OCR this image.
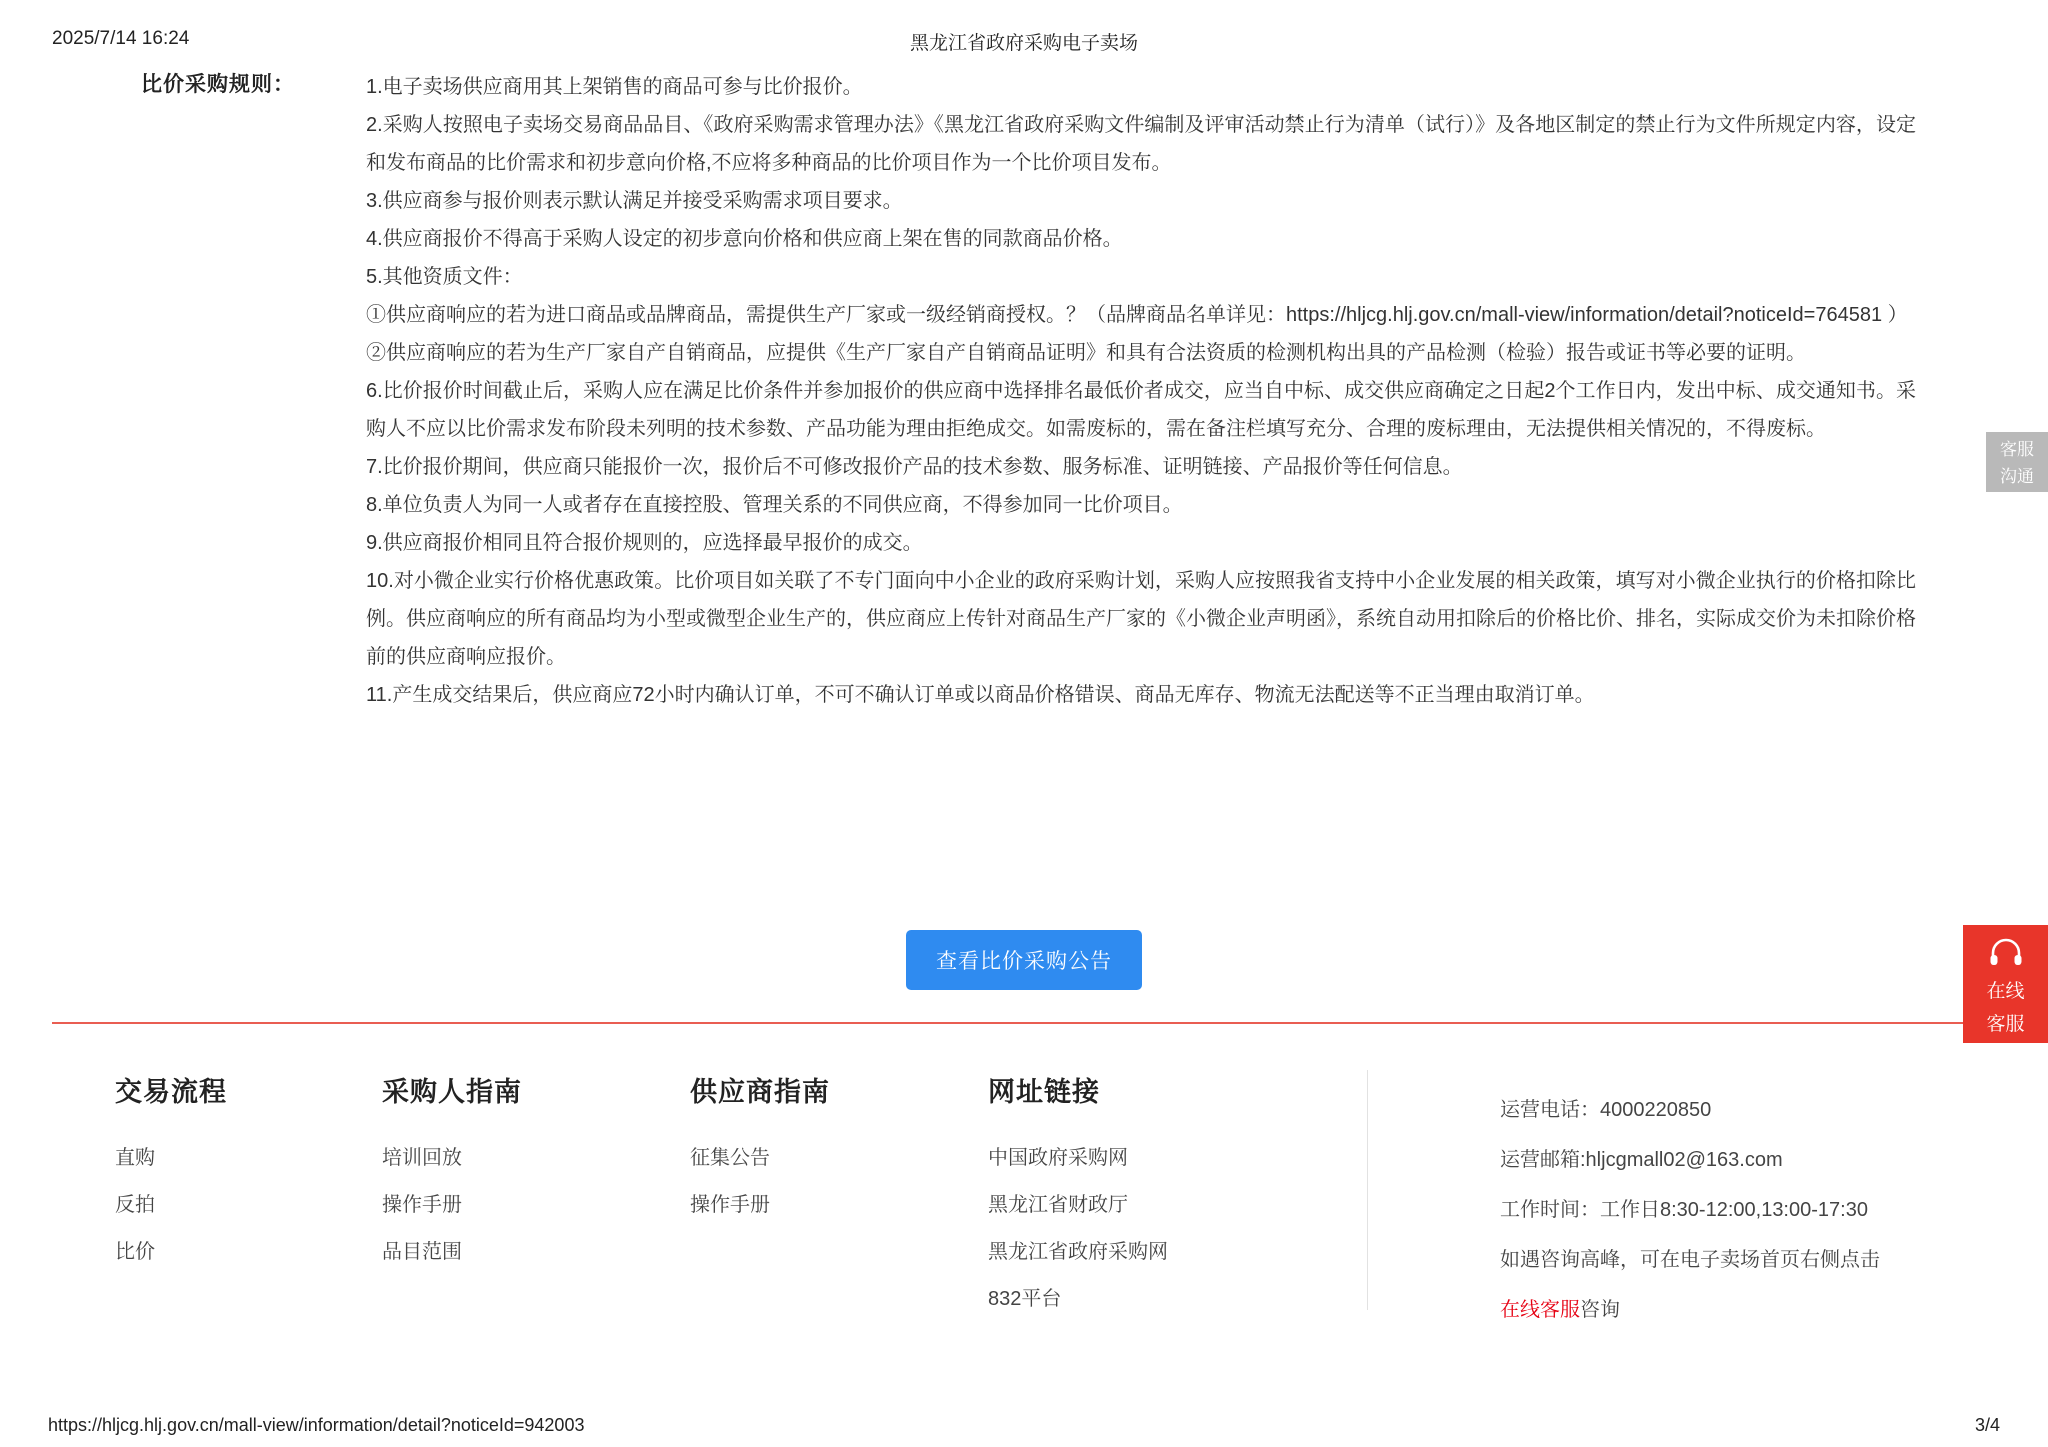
2025/7/14 16:24	黑龙江省政府采购电子卖场
比价采购规则：	1.电子卖场供应商用其上架销售的商品可参与比价报价。

2.采购人按照电子卖场交易商品品目、《政府采购需求管理办法》《黑龙江省政府采购文件编制及评审活动禁止行为清单（试行）》及各地区制定的禁止行为文件所规定内容，设定和发布商品的比价需求和初步意向价格,不应将多种商品的比价项目作为一个比价项目发布。

3.供应商参与报价则表示默认满足并接受采购需求项目要求。

4.供应商报价不得高于采购人设定的初步意向价格和供应商上架在售的同款商品价格。

5.其他资质文件：

①供应商响应的若为进口商品或品牌商品，需提供生产厂家或一级经销商授权。？（品牌商品名单详见：https://hljcg.hlj.gov.cn/mall-view/information/detail?noticeId=764581 ）

②供应商响应的若为生产厂家自产自销商品，应提供《生产厂家自产自销商品证明》和具有合法资质的检测机构出具的产品检测（检验）报告或证书等必要的证明。

6.比价报价时间截止后，采购人应在满足比价条件并参加报价的供应商中选择排名最低价者成交，应当自中标、成交供应商确定之日起2个工作日内，发出中标、成交通知书。采购人不应以比价需求发布阶段未列明的技术参数、产品功能为理由拒绝成交。如需废标的，需在备注栏填写充分、合理的废标理由，无法提供相关情况的，不得废标。

7.比价报价期间，供应商只能报价一次，报价后不可修改报价产品的技术参数、服务标准、证明链接、产品报价等任何信息。

8.单位负责人为同一人或者存在直接控股、管理关系的不同供应商，不得参加同一比价项目。

9.供应商报价相同且符合报价规则的，应选择最早报价的成交。

10.对小微企业实行价格优惠政策。比价项目如关联了不专门面向中小企业的政府采购计划，采购人应按照我省支持中小企业发展的相关政策，填写对小微企业执行的价格扣除比例。供应商响应的所有商品均为小型或微型企业生产的，供应商应上传针对商品生产厂家的《小微企业声明函》，系统自动用扣除后的价格比价、排名，实际成交价为未扣除价格前的供应商响应报价。

11.产生成交结果后，供应商应72小时内确认订单，不可不确认订单或以商品价格错误、商品无库存、物流无法配送等不正当理由取消订单。

查看比价采购公告
交易流程
直购
反拍
比价
采购人指南
培训回放
操作手册
品目范围
供应商指南
征集公告
操作手册
网址链接
中国政府采购网
黑龙江省财政厅
黑龙江省政府采购网
832平台
运营电话：4000220850
运营邮箱:hljcgmall02@163.com
工作时间：工作日8:30-12:00,13:00-17:30
如遇咨询高峰，可在电子卖场首页右侧点击
在线客服咨询
客服
沟通
在线
客服
https://hljcg.hlj.gov.cn/mall-view/information/detail?noticeId=942003	3/4
